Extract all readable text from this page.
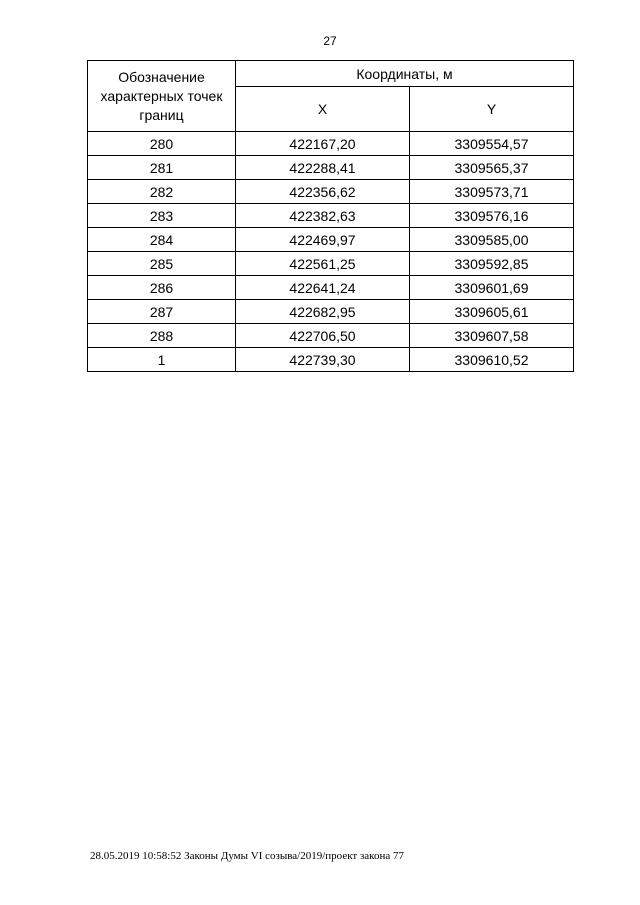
27
Обозначение характерных точек границ	Координаты, м	
	X	Y
280	422167,20	3309554,57
281	422288,41	3309565,37
282	422356,62	3309573,71
283	422382,63	3309576,16
284	422469,97	3309585,00
285	422561,25	3309592,85
286	422641,24	3309601,69
287	422682,95	3309605,61
288	422706,50	3309607,58
1	422739,30	3309610,52
28.05.2019 10:58:52 Законы Думы VI созыва/2019/проект закона 77
